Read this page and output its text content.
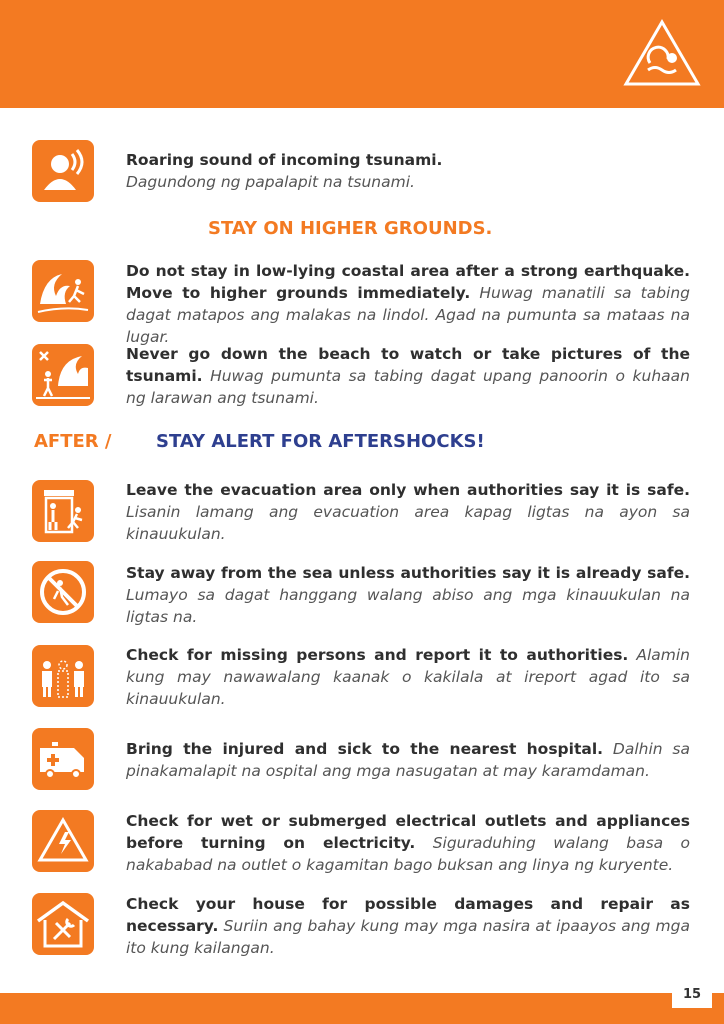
Roaring sound of incoming tsunami.
Dagundong ng papalapit na tsunami.
STAY ON HIGHER GROUNDS.
Do not stay in low-lying coastal area after a strong earthquake. Move to higher grounds immediately. Huwag manatili sa tabing dagat matapos ang malakas na lindol. Agad na pumunta sa mataas na lugar.
Never go down the beach to watch or take pictures of the tsunami. Huwag pumunta sa tabing dagat upang panoorin o kuhaan ng larawan ang tsunami.
AFTER / STAY ALERT FOR AFTERSHOCKS!
Leave the evacuation area only when authorities say it is safe. Lisanin lamang ang evacuation area kapag ligtas na ayon sa kinauukulan.
Stay away from the sea unless authorities say it is already safe. Lumayo sa dagat hanggang walang abiso ang mga kinauukulan na ligtas na.
Check for missing persons and report it to authorities. Alamin kung may nawawalang kaanak o kakilala at ireport agad ito sa kinauukulan.
Bring the injured and sick to the nearest hospital. Dalhin sa pinakamalapit na ospital ang mga nasugatan at may karamdaman.
Check for wet or submerged electrical outlets and appliances before turning on electricity. Siguraduhing walang basa o nakababad na outlet o kagamitan bago buksan ang linya ng kuryente.
Check your house for possible damages and repair as necessary. Suriin ang bahay kung may mga nasira at ipaayos ang mga ito kung kailangan.
15
